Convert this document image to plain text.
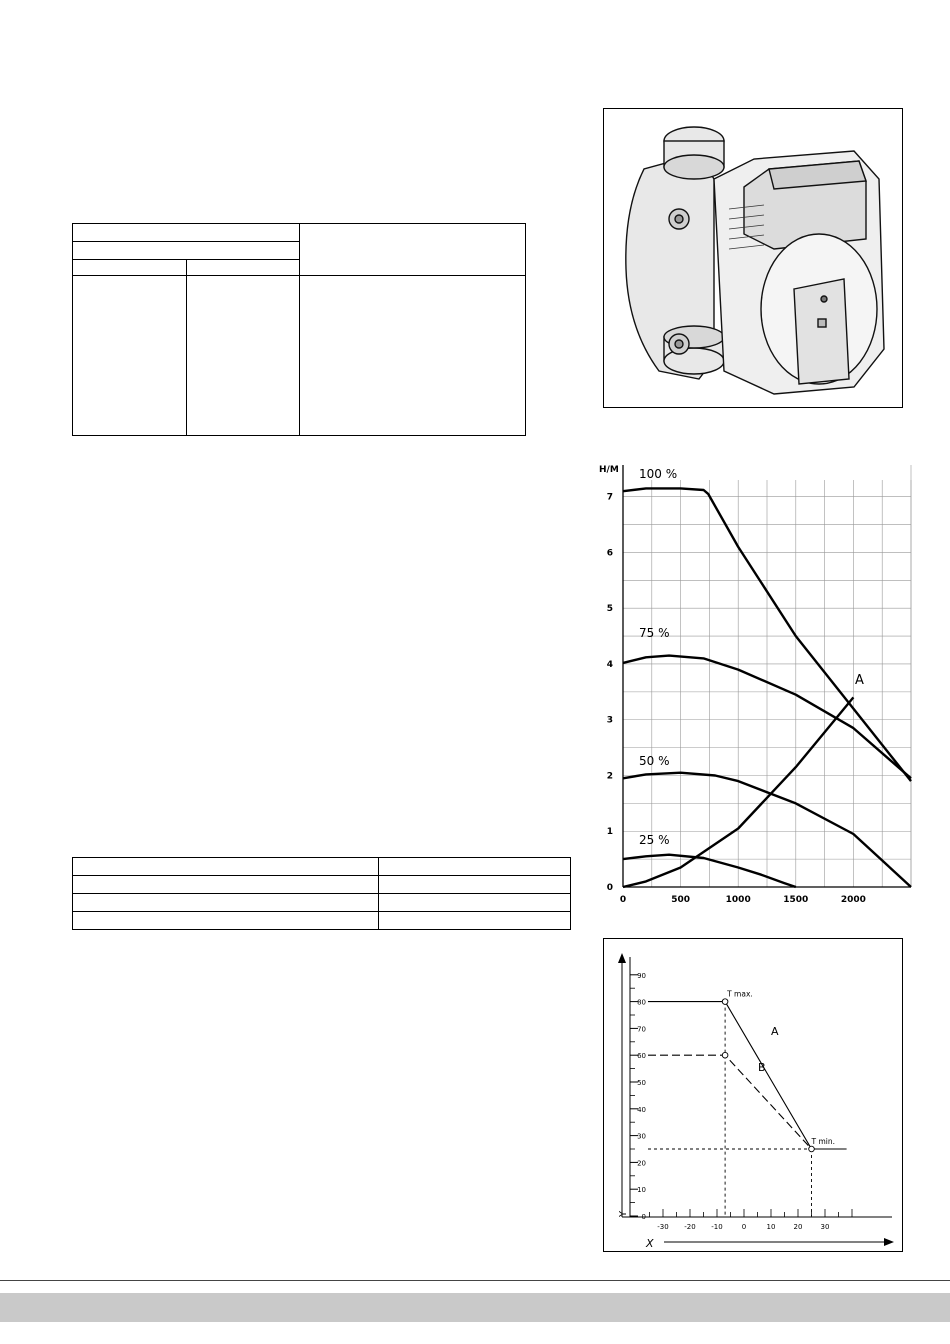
H/M
0
1
2
3
4
5
6
7
0	500	1000	1500	2000
100 %
75 %
50 %
25 %
A
0
10
20
30
40
50
60
70
80
90
-30 -20 -10	0	10	20	30
X
Y
A
B
T max.
T min.
